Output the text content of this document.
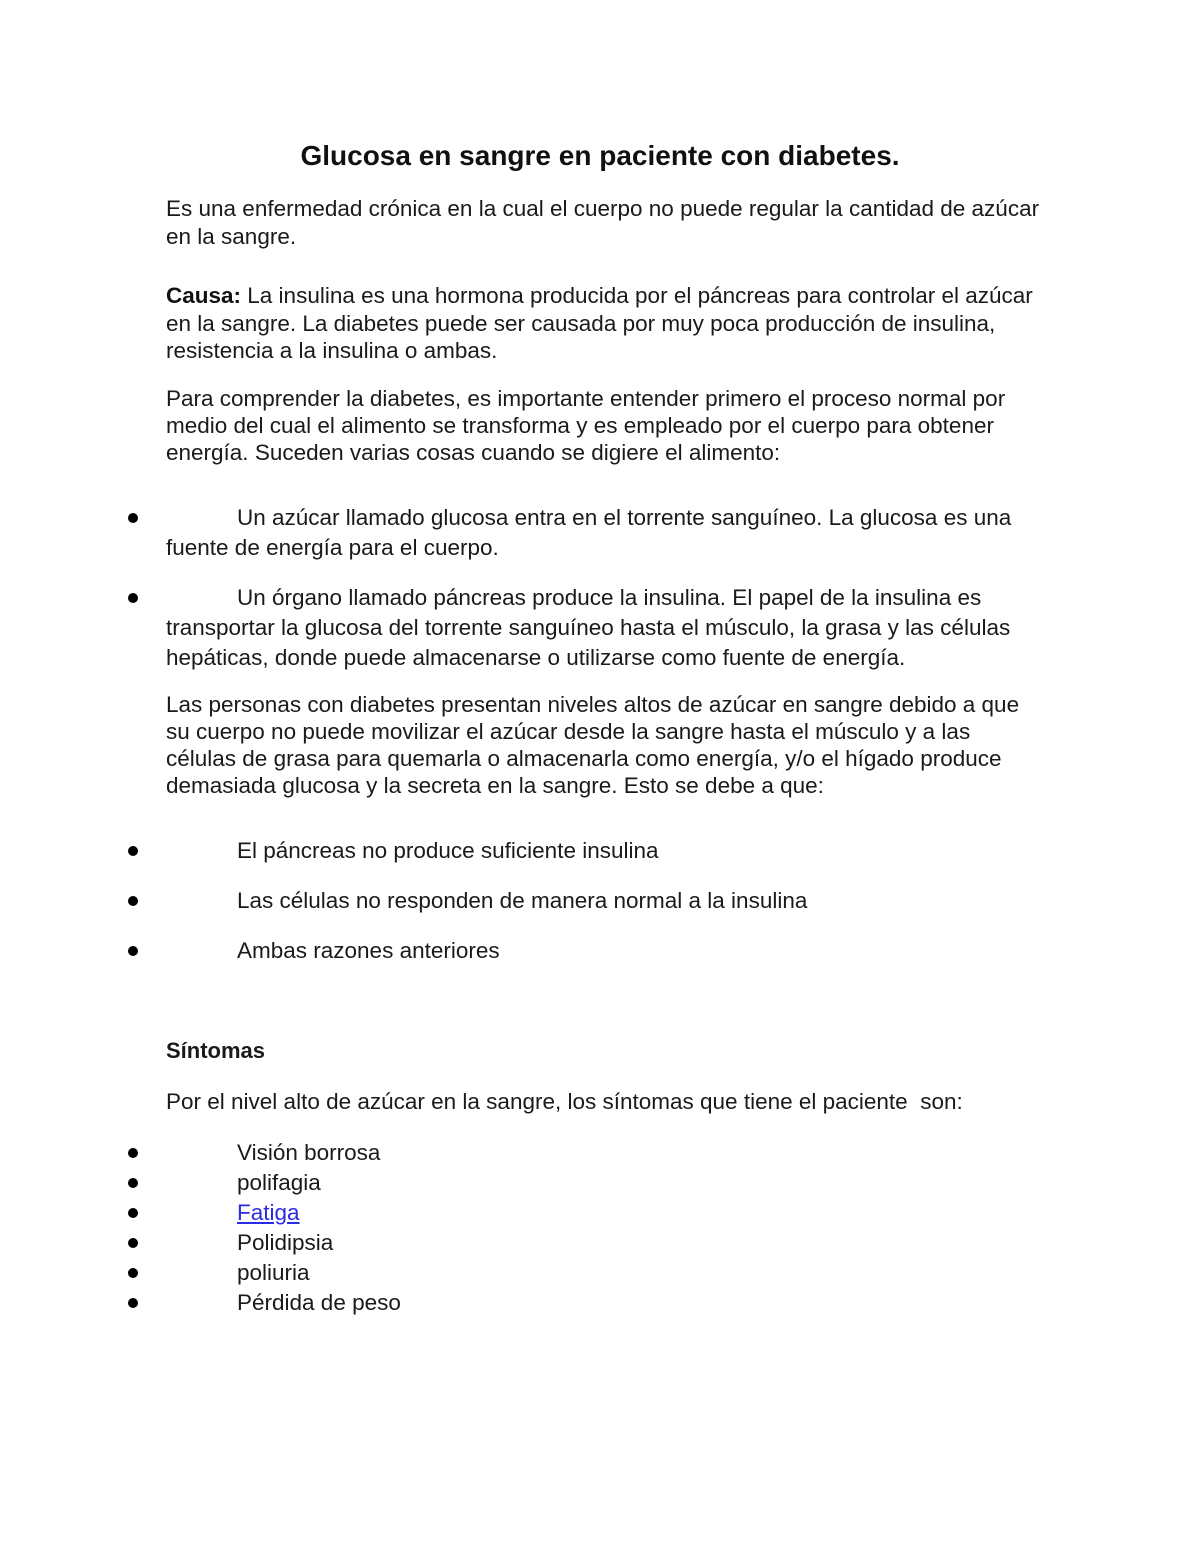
Glucosa en sangre en paciente con diabetes.

Es una enfermedad crónica en la cual el cuerpo no puede regular la cantidad de azúcar en la sangre.

Causa: La insulina es una hormona producida por el páncreas para controlar el azúcar en la sangre. La diabetes puede ser causada por muy poca producción de insulina, resistencia a la insulina o ambas.

Para comprender la diabetes, es importante entender primero el proceso normal por medio del cual el alimento se transforma y es empleado por el cuerpo para obtener energía. Suceden varias cosas cuando se digiere el alimento:

Un azúcar llamado glucosa entra en el torrente sanguíneo. La glucosa es una fuente de energía para el cuerpo.

Un órgano llamado páncreas produce la insulina. El papel de la insulina es transportar la glucosa del torrente sanguíneo hasta el músculo, la grasa y las células hepáticas, donde puede almacenarse o utilizarse como fuente de energía.

Las personas con diabetes presentan niveles altos de azúcar en sangre debido a que su cuerpo no puede movilizar el azúcar desde la sangre hasta el músculo y a las células de grasa para quemarla o almacenarla como energía, y/o el hígado produce demasiada glucosa y la secreta en la sangre. Esto se debe a que:

El páncreas no produce suficiente insulina

Las células no responden de manera normal a la insulina

Ambas razones anteriores

Síntomas

Por el nivel alto de azúcar en la sangre, los síntomas que tiene el paciente  son:

Visión borrosa

polifagia

Fatiga

Polidipsia

poliuria

Pérdida de peso
